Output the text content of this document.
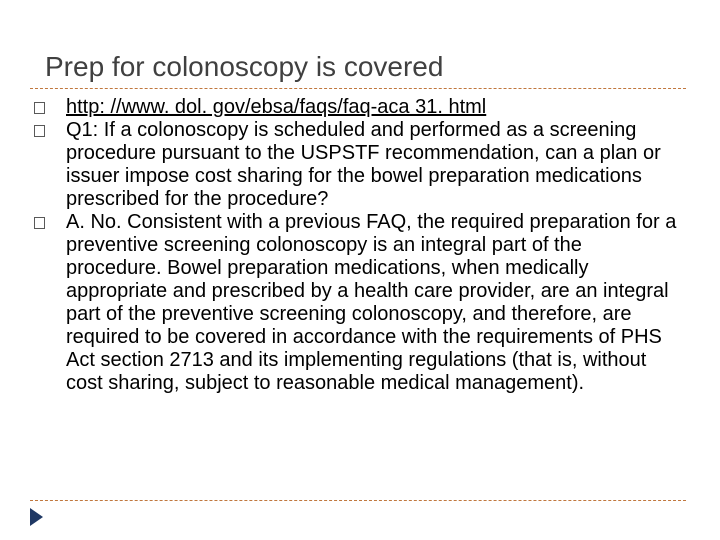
Prep for colonoscopy is covered
http: //www. dol. gov/ebsa/faqs/faq-aca 31. html
Q1: If a colonoscopy is scheduled and performed as a screening procedure pursuant to the USPSTF recommendation, can a plan or issuer impose cost sharing for the bowel preparation medications prescribed for the procedure?
A. No. Consistent with a previous FAQ, the required preparation for a preventive screening colonoscopy is an integral part of the procedure. Bowel preparation medications, when medically appropriate and prescribed by a health care provider, are an integral part of the preventive screening colonoscopy, and therefore, are required to be covered in accordance with the requirements of PHS Act section 2713 and its implementing regulations (that is, without cost sharing, subject to reasonable medical management).
